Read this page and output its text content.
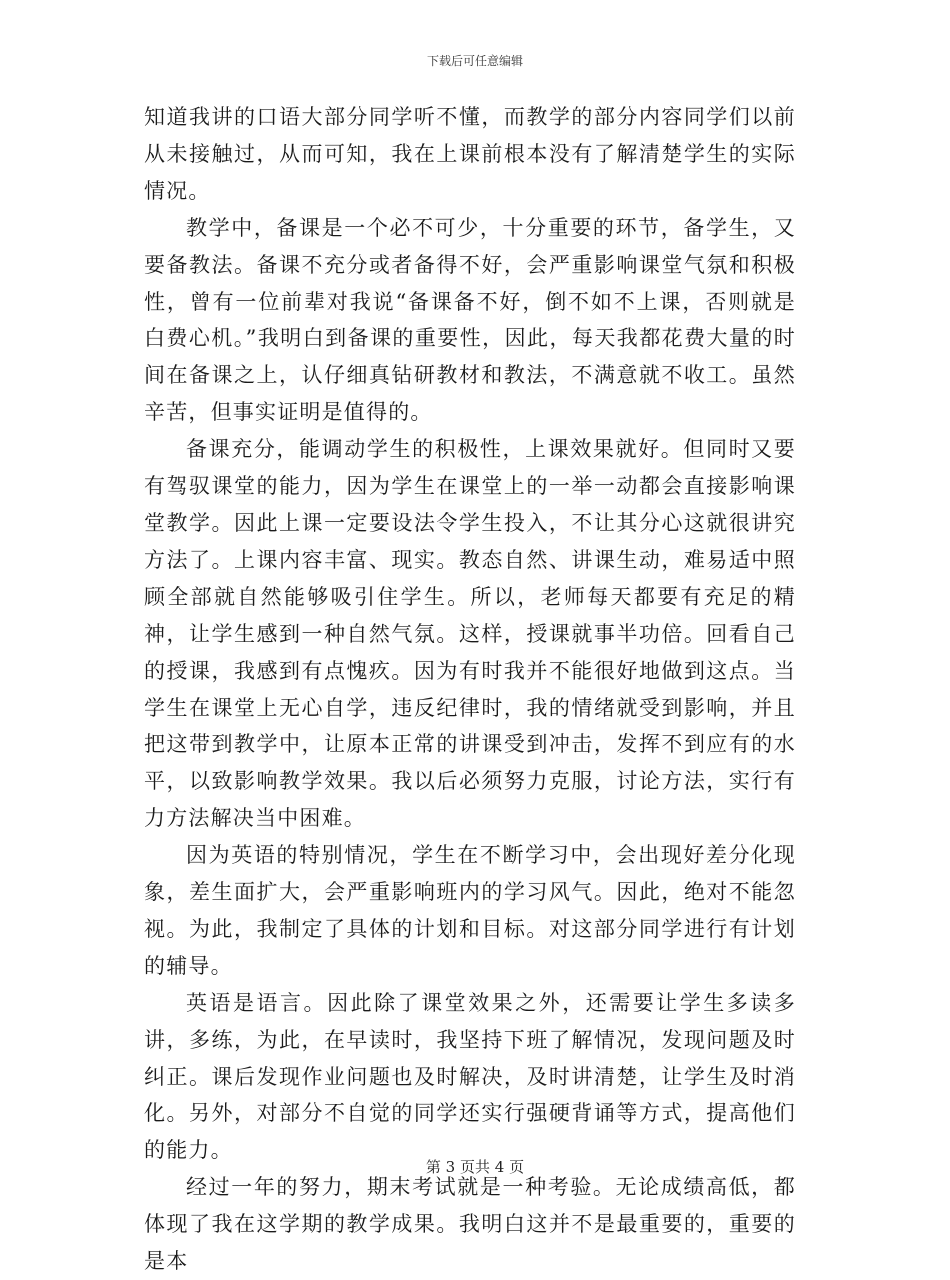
下载后可任意编辑

知道我讲的口语大部分同学听不懂，而教学的部分内容同学们以前从未接触过，从而可知，我在上课前根本没有了解清楚学生的实际情况。

教学中，备课是一个必不可少，十分重要的环节，备学生，又要备教法。备课不充分或者备得不好，会严重影响课堂气氛和积极性，曾有一位前辈对我说“备课备不好，倒不如不上课，否则就是白费心机。”我明白到备课的重要性，因此，每天我都花费大量的时间在备课之上，认仔细真钻研教材和教法，不满意就不收工。虽然辛苦，但事实证明是值得的。

备课充分，能调动学生的积极性，上课效果就好。但同时又要有驾驭课堂的能力，因为学生在课堂上的一举一动都会直接影响课堂教学。因此上课一定要设法令学生投入，不让其分心这就很讲究方法了。上课内容丰富、现实。教态自然、讲课生动，难易适中照顾全部就自然能够吸引住学生。所以，老师每天都要有充足的精神，让学生感到一种自然气氛。这样，授课就事半功倍。回看自己的授课，我感到有点愧疚。因为有时我并不能很好地做到这点。当学生在课堂上无心自学，违反纪律时，我的情绪就受到影响，并且把这带到教学中，让原本正常的讲课受到冲击，发挥不到应有的水平，以致影响教学效果。我以后必须努力克服，讨论方法，实行有力方法解决当中困难。

因为英语的特别情况，学生在不断学习中，会出现好差分化现象，差生面扩大，会严重影响班内的学习风气。因此，绝对不能忽视。为此，我制定了具体的计划和目标。对这部分同学进行有计划的辅导。

英语是语言。因此除了课堂效果之外，还需要让学生多读多讲，多练，为此，在早读时，我坚持下班了解情况，发现问题及时纠正。课后发现作业问题也及时解决，及时讲清楚，让学生及时消化。另外，对部分不自觉的同学还实行强硬背诵等方式，提高他们的能力。

经过一年的努力，期末考试就是一种考验。无论成绩高低，都体现了我在这学期的教学成果。我明白这并不是最重要的，重要的是本

第 3 页共 4 页
